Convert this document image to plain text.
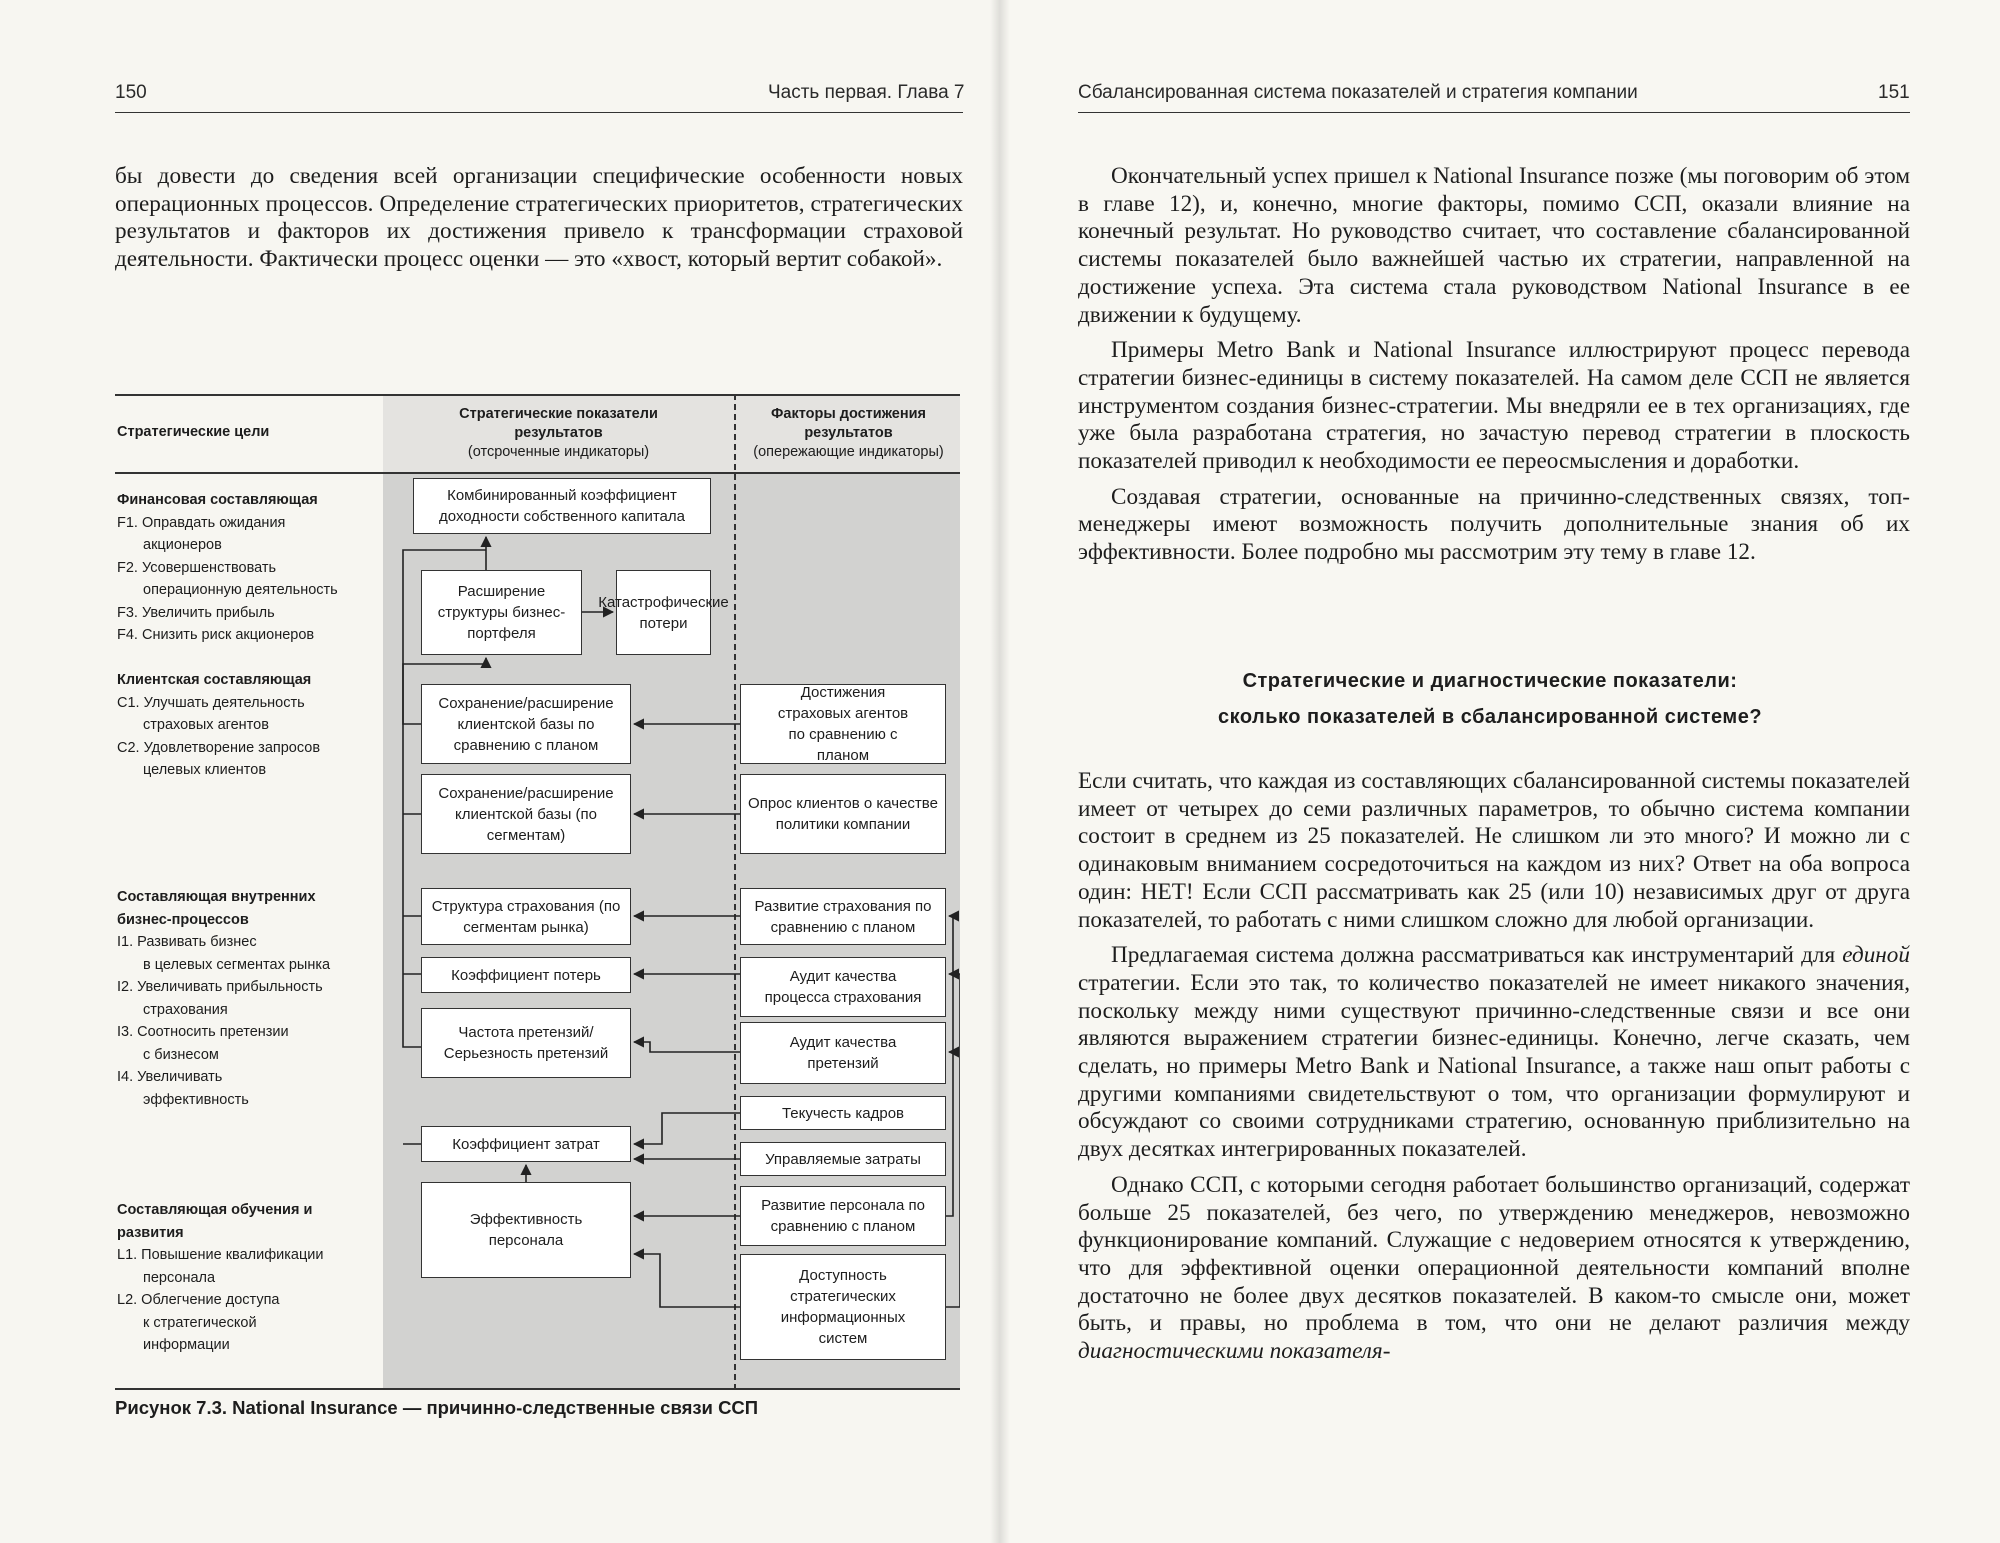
150	Часть первая. Глава 7

бы довести до сведения всей организации специфические особенности новых операционных процессов. Определение стратегических приоритетов, стратегических результатов и факторов их достижения привело к трансформации страховой деятельности. Фактически процесс оценки — это «хвост, который вертит собакой».

Стратегические цели
Стратегические показатели результатов
(отсроченные индикаторы)
Факторы достижения результатов
(опережающие индикаторы)
Финансовая составляющая
F1. Оправдать ожидания
акционеров
F2. Усовершенствовать
операционную деятельность
F3. Увеличить прибыль
F4. Снизить риск акционеров
Клиентская составляющая
C1. Улучшать деятельность
страховых агентов
C2. Удовлетворение запросов
целевых клиентов
Составляющая внутренних бизнес-процессов
I1. Развивать бизнес
в целевых сегментах рынка
I2. Увеличивать прибыльность
страхования
I3. Соотносить претензии
с бизнесом
I4. Увеличивать
эффективность
Составляющая обучения и развития
L1. Повышение квалификации
персонала
L2. Облегчение доступа
к стратегической
информации
Комбинированный коэффициент доходности собственного капитала
Расширение структуры бизнес-портфеля
Катастрофические потери
Сохранение/расширение клиентской базы по сравнению с планом
Сохранение/расширение клиентской базы (по сегментам)
Структура страхования (по сегментам рынка)
Коэффициент потерь
Частота претензий/ Серьезность претензий
Коэффициент затрат
Эффективность персонала
Достижения страховых агентов по сравнению с планом
Опрос клиентов о качестве политики компании
Развитие страхования по сравнению с планом
Аудит качества процесса страхования
Аудит качества претензий
Текучесть кадров
Управляемые затраты
Развитие персонала по сравнению с планом
Доступность стратегических информационных систем
Рисунок 7.3. National Insurance — причинно-следственные связи ССП
Сбалансированная система показателей и стратегия компании	151

Окончательный успех пришел к National Insurance позже (мы поговорим об этом в главе 12), и, конечно, многие факторы, помимо ССП, оказали влияние на конечный результат. Но руководство считает, что составление сбалансированной системы показателей было важнейшей частью их стратегии, направленной на достижение успеха. Эта система стала руководством National Insurance в ее движении к будущему.

Примеры Metro Bank и National Insurance иллюстрируют процесс перевода стратегии бизнес-единицы в систему показателей. На самом деле ССП не является инструментом создания бизнес-стратегии. Мы внедряли ее в тех организациях, где уже была разработана стратегия, но зачастую перевод стратегии в плоскость показателей приводил к необходимости ее переосмысления и доработки.

Создавая стратегии, основанные на причинно-следственных связях, топ-менеджеры имеют возможность получить дополнительные знания об их эффективности. Более подробно мы рассмотрим эту тему в главе 12.

Стратегические и диагностические показатели:
сколько показателей в сбалансированной системе?

Если считать, что каждая из составляющих сбалансированной системы показателей имеет от четырех до семи различных параметров, то обычно система компании состоит в среднем из 25 показателей. Не слишком ли это много? И можно ли с одинаковым вниманием сосредоточиться на каждом из них? Ответ на оба вопроса один: НЕТ! Если ССП рассматривать как 25 (или 10) независимых друг от друга показателей, то работать с ними слишком сложно для любой организации.

Предлагаемая система должна рассматриваться как инструментарий для единой стратегии. Если это так, то количество показателей не имеет никакого значения, поскольку между ними существуют причинно-следственные связи и все они являются выражением стратегии бизнес-единицы. Конечно, легче сказать, чем сделать, но примеры Metro Bank и National Insurance, а также наш опыт работы с другими компаниями свидетельствуют о том, что организации формулируют и обсуждают со своими сотрудниками стратегию, основанную приблизительно на двух десятках интегрированных показателей.

Однако ССП, с которыми сегодня работает большинство организаций, содержат больше 25 показателей, без чего, по утверждению менеджеров, невозможно функционирование компаний. Служащие с недоверием относятся к утверждению, что для эффективной оценки операционной деятельности компаний вполне достаточно не более двух десятков показателей. В каком-то смысле они, может быть, и правы, но проблема в том, что они не делают различия между диагностическими показателя-
